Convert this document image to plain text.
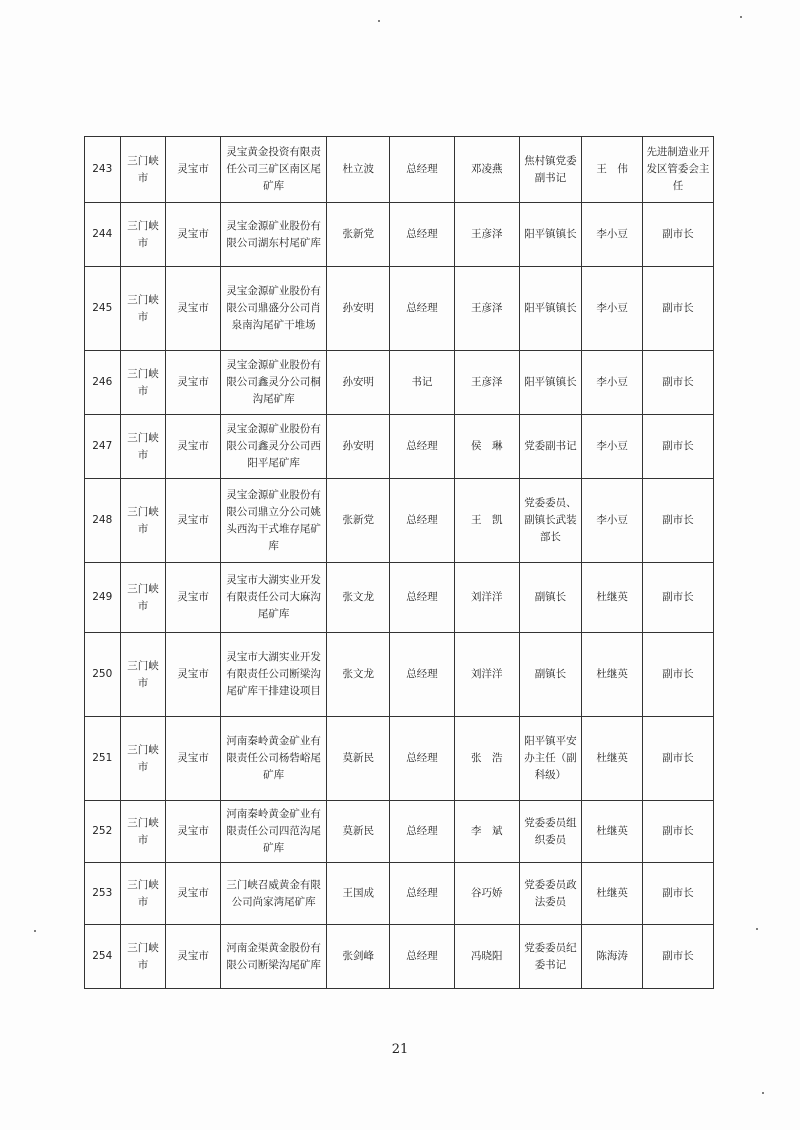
243	三门峡市	灵宝市	灵宝黄金投资有限责任公司三矿区南区尾矿库	杜立波	总经理	邓凌燕	焦村镇党委副书记	王　伟	先进制造业开发区管委会主任
244	三门峡市	灵宝市	灵宝金源矿业股份有限公司湖东村尾矿库	张新党	总经理	王彦泽	阳平镇镇长	李小豆	副市长
245	三门峡市	灵宝市	灵宝金源矿业股份有限公司鼎盛分公司肖泉南沟尾矿干堆场	孙安明	总经理	王彦泽	阳平镇镇长	李小豆	副市长
246	三门峡市	灵宝市	灵宝金源矿业股份有限公司鑫灵分公司桐沟尾矿库	孙安明	书记	王彦泽	阳平镇镇长	李小豆	副市长
247	三门峡市	灵宝市	灵宝金源矿业股份有限公司鑫灵分公司西阳平尾矿库	孙安明	总经理	侯　琳	党委副书记	李小豆	副市长
248	三门峡市	灵宝市	灵宝金源矿业股份有限公司鼎立分公司姚头西沟干式堆存尾矿库	张新党	总经理	王　凯	党委委员、副镇长武装部长	李小豆	副市长
249	三门峡市	灵宝市	灵宝市大湖实业开发有限责任公司大麻沟尾矿库	张文龙	总经理	刘洋洋	副镇长	杜继英	副市长
250	三门峡市	灵宝市	灵宝市大湖实业开发有限责任公司断梁沟尾矿库干排建设项目	张文龙	总经理	刘洋洋	副镇长	杜继英	副市长
251	三门峡市	灵宝市	河南秦岭黄金矿业有限责任公司杨砦峪尾矿库	莫新民	总经理	张　浩	阳平镇平安办主任（副科级）	杜继英	副市长
252	三门峡市	灵宝市	河南秦岭黄金矿业有限责任公司四范沟尾矿库	莫新民	总经理	李　斌	党委委员组织委员	杜继英	副市长
253	三门峡市	灵宝市	三门峡召威黄金有限公司尚家湾尾矿库	王国成	总经理	谷巧娇	党委委员政法委员	杜继英	副市长
254	三门峡市	灵宝市	河南金渠黄金股份有限公司断梁沟尾矿库	张剑峰	总经理	冯晓阳	党委委员纪委书记	陈海涛	副市长
21
